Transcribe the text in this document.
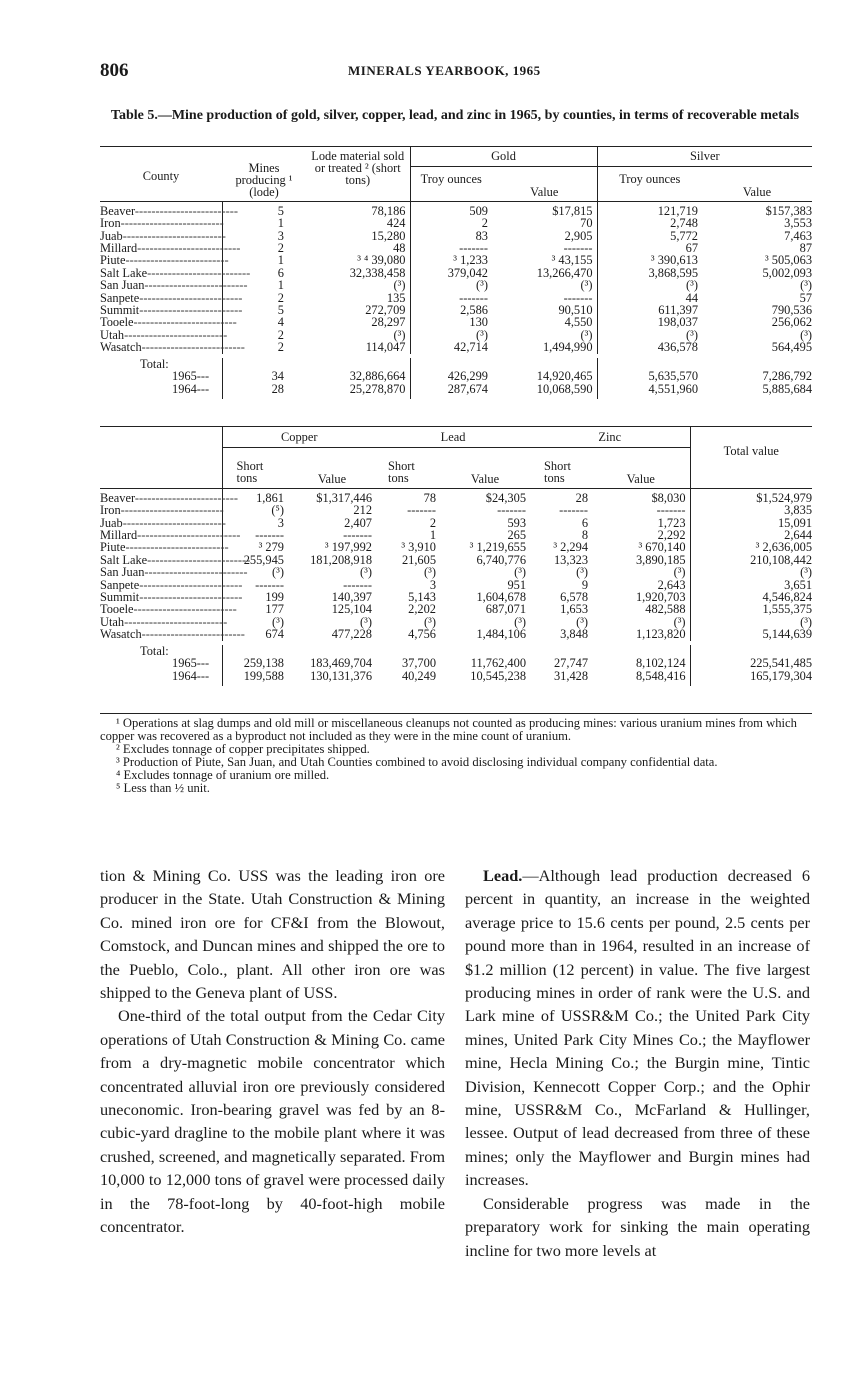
806	MINERALS YEARBOOK, 1965
Table 5.—Mine production of gold, silver, copper, lead, and zinc in 1965, by counties, in terms of recoverable metals
County	Mines producing ¹ (lode)	Lode material sold or treated ² (short tons)	Gold		Silver	
			Troy ounces	Value	Troy ounces	Value
Beaver-------------------------	5	78,186	509	$17,815	121,719	$157,383
Iron-------------------------	1	424	2	70	2,748	3,553
Juab-------------------------	3	15,280	83	2,905	5,772	7,463
Millard-------------------------	2	48	-------	-------	67	87
Piute-------------------------	1	³ ⁴ 39,080	³ 1,233	³ 43,155	³ 390,613	³ 505,063
Salt Lake-------------------------	6	32,338,458	379,042	13,266,470	3,868,595	5,002,093
San Juan-------------------------	1	(³)	(³)	(³)	(³)	(³)
Sanpete-------------------------	2	135	-------	-------	44	57
Summit-------------------------	5	272,709	2,586	90,510	611,397	790,536
Tooele-------------------------	4	28,297	130	4,550	198,037	256,062
Utah-------------------------	2	(³)	(³)	(³)	(³)	(³)
Wasatch-------------------------	2	114,047	42,714	1,494,990	436,578	564,495

Total:						
1965---	34	32,886,664	426,299	14,920,465	5,635,570	7,286,792
1964---	28	25,278,870	287,674	10,068,590	4,551,960	5,885,684
	Copper		Lead		Zinc		Total value
	Short tons	Value	Short tons	Value	Short tons	Value	
Beaver-------------------------	1,861	$1,317,446	78	$24,305	28	$8,030	$1,524,979
Iron-------------------------	(⁵)	212	-------	-------	-------	-------	3,835
Juab-------------------------	3	2,407	2	593	6	1,723	15,091
Millard-------------------------	-------	-------	1	265	8	2,292	2,644
Piute-------------------------	³ 279	³ 197,992	³ 3,910	³ 1,219,655	³ 2,294	³ 670,140	³ 2,636,005
Salt Lake-------------------------	255,945	181,208,918	21,605	6,740,776	13,323	3,890,185	210,108,442
San Juan-------------------------	(³)	(³)	(³)	(³)	(³)	(³)	(³)
Sanpete-------------------------	-------	-------	3	951	9	2,643	3,651
Summit-------------------------	199	140,397	5,143	1,604,678	6,578	1,920,703	4,546,824
Tooele-------------------------	177	125,104	2,202	687,071	1,653	482,588	1,555,375
Utah-------------------------	(³)	(³)	(³)	(³)	(³)	(³)	(³)
Wasatch-------------------------	674	477,228	4,756	1,484,106	3,848	1,123,820	5,144,639

Total:							
1965---	259,138	183,469,704	37,700	11,762,400	27,747	8,102,124	225,541,485
1964---	199,588	130,131,376	40,249	10,545,238	31,428	8,548,416	165,179,304

¹ Operations at slag dumps and old mill or miscellaneous cleanups not counted as producing mines: various uranium mines from which copper was recovered as a byproduct not included as they were in the mine count of uranium.

² Excludes tonnage of copper precipitates shipped.

³ Production of Piute, San Juan, and Utah Counties combined to avoid disclosing individual company confidential data.

⁴ Excludes tonnage of uranium ore milled.

⁵ Less than ½ unit.

tion & Mining Co. USS was the leading iron ore producer in the State. Utah Construction & Mining Co. mined iron ore for CF&I from the Blowout, Comstock, and Duncan mines and shipped the ore to the Pueblo, Colo., plant. All other iron ore was shipped to the Geneva plant of USS.

One-third of the total output from the Cedar City operations of Utah Construction & Mining Co. came from a dry-magnetic mobile concentrator which concentrated alluvial iron ore previously considered uneconomic. Iron-bearing gravel was fed by an 8-cubic-yard dragline to the mobile plant where it was crushed, screened, and magnetically separated. From 10,000 to 12,000 tons of gravel were processed daily in the 78-foot-long by 40-foot-high mobile concentrator.

Lead.—Although lead production decreased 6 percent in quantity, an increase in the weighted average price to 15.6 cents per pound, 2.5 cents per pound more than in 1964, resulted in an increase of $1.2 million (12 percent) in value. The five largest producing mines in order of rank were the U.S. and Lark mine of USSR&M Co.; the United Park City mines, United Park City Mines Co.; the Mayflower mine, Hecla Mining Co.; the Burgin mine, Tintic Division, Kennecott Copper Corp.; and the Ophir mine, USSR&M Co., McFarland & Hullinger, lessee. Output of lead decreased from three of these mines; only the Mayflower and Burgin mines had increases.

Considerable progress was made in the preparatory work for sinking the main operating incline for two more levels at
